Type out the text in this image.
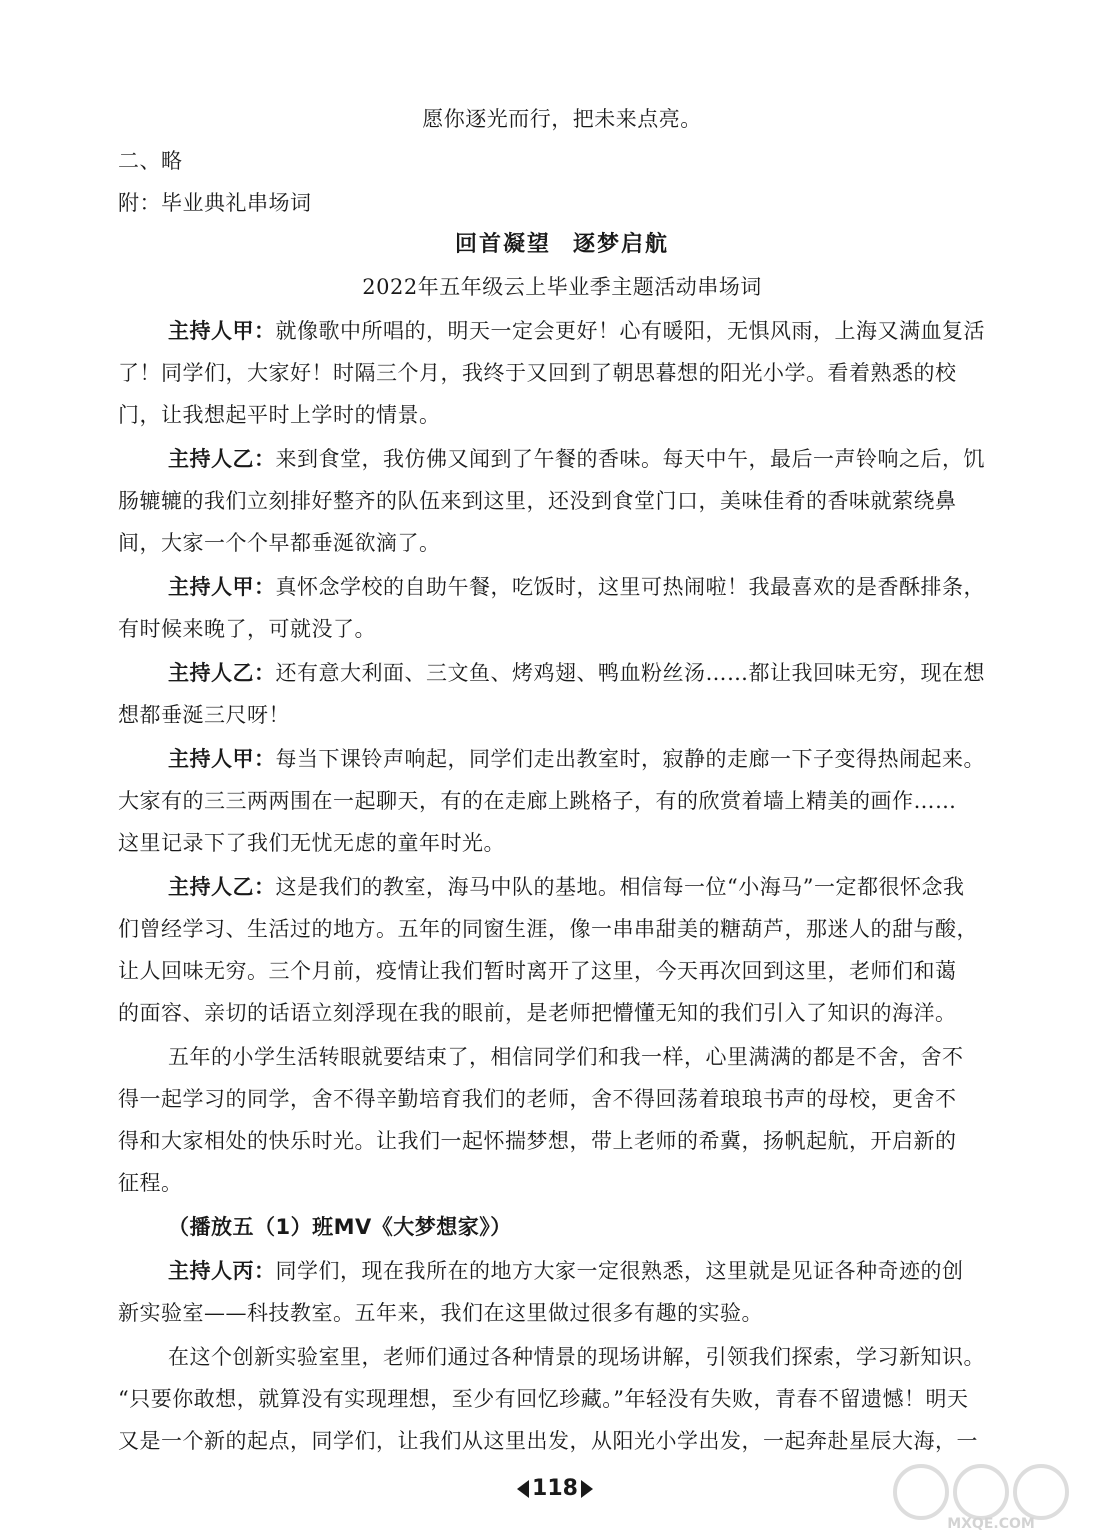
愿你逐光而行，把未来点亮。
二、略
附：毕业典礼串场词
回首凝望 逐梦启航
2022年五年级云上毕业季主题活动串场词
主持人甲：就像歌中所唱的，明天一定会更好！心有暖阳，无惧风雨，上海又满血复活
了！同学们，大家好！时隔三个月，我终于又回到了朝思暮想的阳光小学。看着熟悉的校
门，让我想起平时上学时的情景。
主持人乙：来到食堂，我仿佛又闻到了午餐的香味。每天中午，最后一声铃响之后，饥
肠辘辘的我们立刻排好整齐的队伍来到这里，还没到食堂门口，美味佳肴的香味就萦绕鼻
间，大家一个个早都垂涎欲滴了。
主持人甲：真怀念学校的自助午餐，吃饭时，这里可热闹啦！我最喜欢的是香酥排条，
有时候来晚了，可就没了。
主持人乙：还有意大利面、三文鱼、烤鸡翅、鸭血粉丝汤……都让我回味无穷，现在想
想都垂涎三尺呀！
主持人甲：每当下课铃声响起，同学们走出教室时，寂静的走廊一下子变得热闹起来。
大家有的三三两两围在一起聊天，有的在走廊上跳格子，有的欣赏着墙上精美的画作……
这里记录下了我们无忧无虑的童年时光。
主持人乙：这是我们的教室，海马中队的基地。相信每一位“小海马”一定都很怀念我
们曾经学习、生活过的地方。五年的同窗生涯，像一串串甜美的糖葫芦，那迷人的甜与酸，
让人回味无穷。三个月前，疫情让我们暂时离开了这里，今天再次回到这里，老师们和蔼
的面容、亲切的话语立刻浮现在我的眼前，是老师把懵懂无知的我们引入了知识的海洋。
五年的小学生活转眼就要结束了，相信同学们和我一样，心里满满的都是不舍，舍不
得一起学习的同学，舍不得辛勤培育我们的老师，舍不得回荡着琅琅书声的母校，更舍不
得和大家相处的快乐时光。让我们一起怀揣梦想，带上老师的希冀，扬帆起航，开启新的
征程。
（播放五（1）班MV《大梦想家》）
主持人丙：同学们，现在我所在的地方大家一定很熟悉，这里就是见证各种奇迹的创
新实验室——科技教室。五年来，我们在这里做过很多有趣的实验。
在这个创新实验室里，老师们通过各种情景的现场讲解，引领我们探索，学习新知识。
“只要你敢想，就算没有实现理想，至少有回忆珍藏。”年轻没有失败，青春不留遗憾！明天
又是一个新的起点，同学们，让我们从这里出发，从阳光小学出发，一起奔赴星辰大海，一
118
MXQE.COM
